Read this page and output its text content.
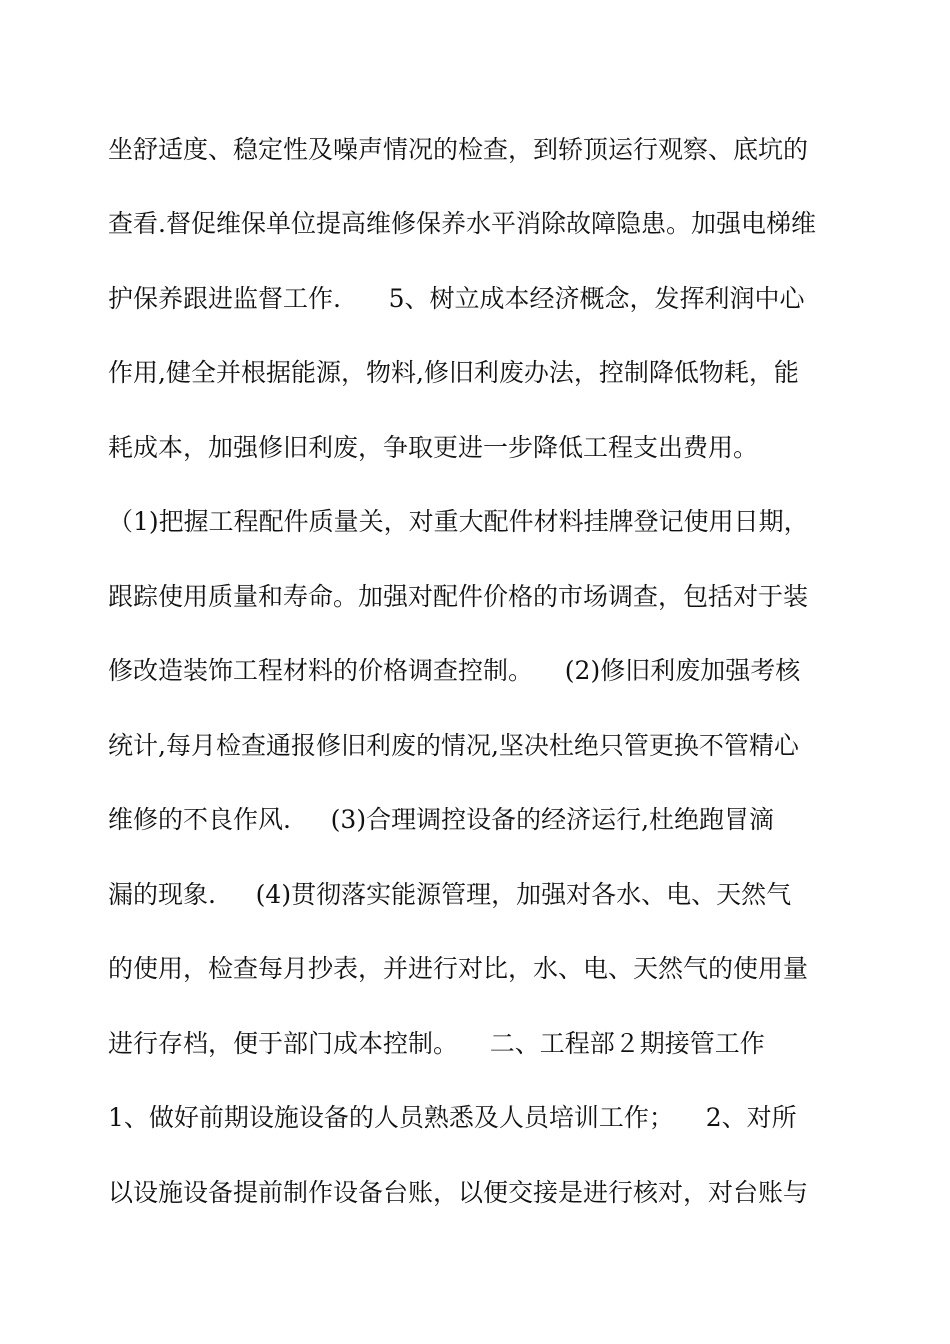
坐舒适度、稳定性及噪声情况的检查，到轿顶运行观察、底坑的
查看.督促维保单位提高维修保养水平消除故障隐患。加强电梯维
护保养跟进监督工作.      5、树立成本经济概念，发挥利润中心
作用,健全并根据能源，物料,修旧利废办法，控制降低物耗，能
耗成本，加强修旧利废，争取更进一步降低工程支出费用。
（1)把握工程配件质量关，对重大配件材料挂牌登记使用日期，
跟踪使用质量和寿命。加强对配件价格的市场调查，包括对于装
修改造装饰工程材料的价格调查控制。    (2)修旧利废加强考核
统计,每月检查通报修旧利废的情况,坚决杜绝只管更换不管精心
维修的不良作风.     (3)合理调控设备的经济运行,杜绝跑冒滴
漏的现象.     (4)贯彻落实能源管理，加强对各水、电、天然气
的使用，检查每月抄表，并进行对比，水、电、天然气的使用量
进行存档，便于部门成本控制。    二、工程部２期接管工作
1、做好前期设施设备的人员熟悉及人员培训工作；    2、对所
以设施设备提前制作设备台账，以便交接是进行核对，对台账与
